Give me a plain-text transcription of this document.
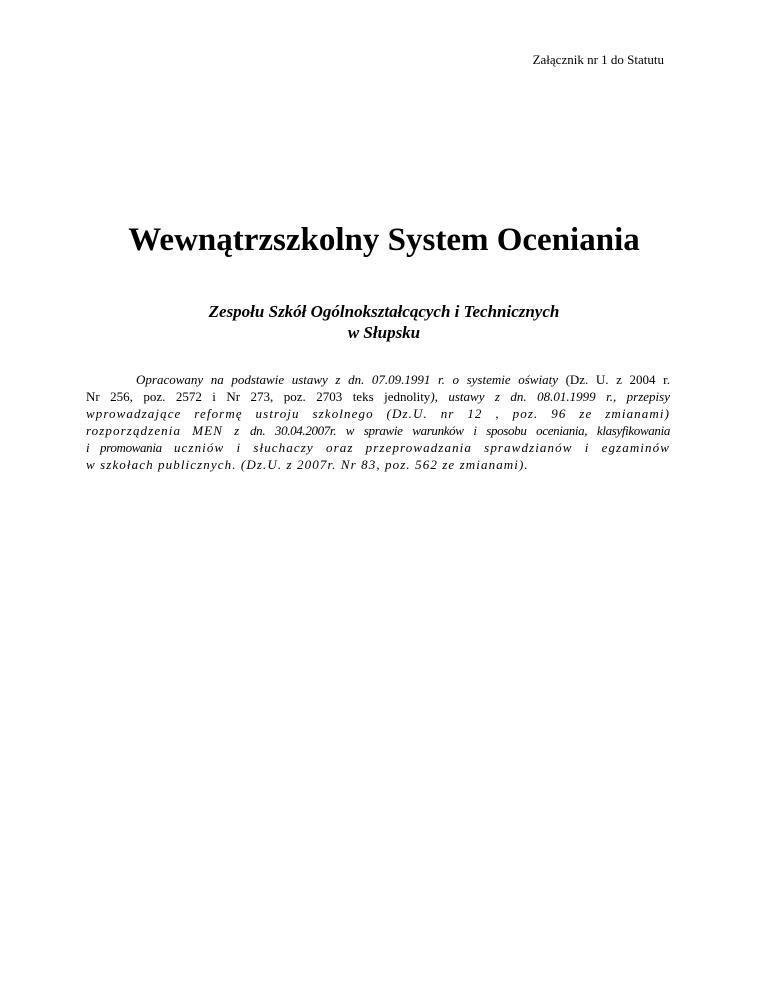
Załącznik nr 1 do Statutu
Wewnątrzszkolny System Oceniania
Zespołu Szkół Ogólnokształcących i Technicznych
w Słupsku
Opracowany na podstawie ustawy z dn. 07.09.1991 r. o systemie oświaty (Dz. U. z 2004 r.
Nr 256, poz. 2572 i Nr 273, poz. 2703 teks jednolity), ustawy z dn. 08.01.1999 r., przepisy
wprowadzające reformę ustroju szkolnego (Dz.U. nr 12 , poz. 96 ze zmianami)
rozporządzenia MEN z dn. 30.04.2007r. w sprawie warunków i sposobu oceniania, klasyfikowania
i promowania uczniów i słuchaczy oraz przeprowadzania sprawdzianów i egzaminów
w szkołach publicznych. (Dz.U. z 2007r. Nr 83, poz. 562 ze zmianami).
